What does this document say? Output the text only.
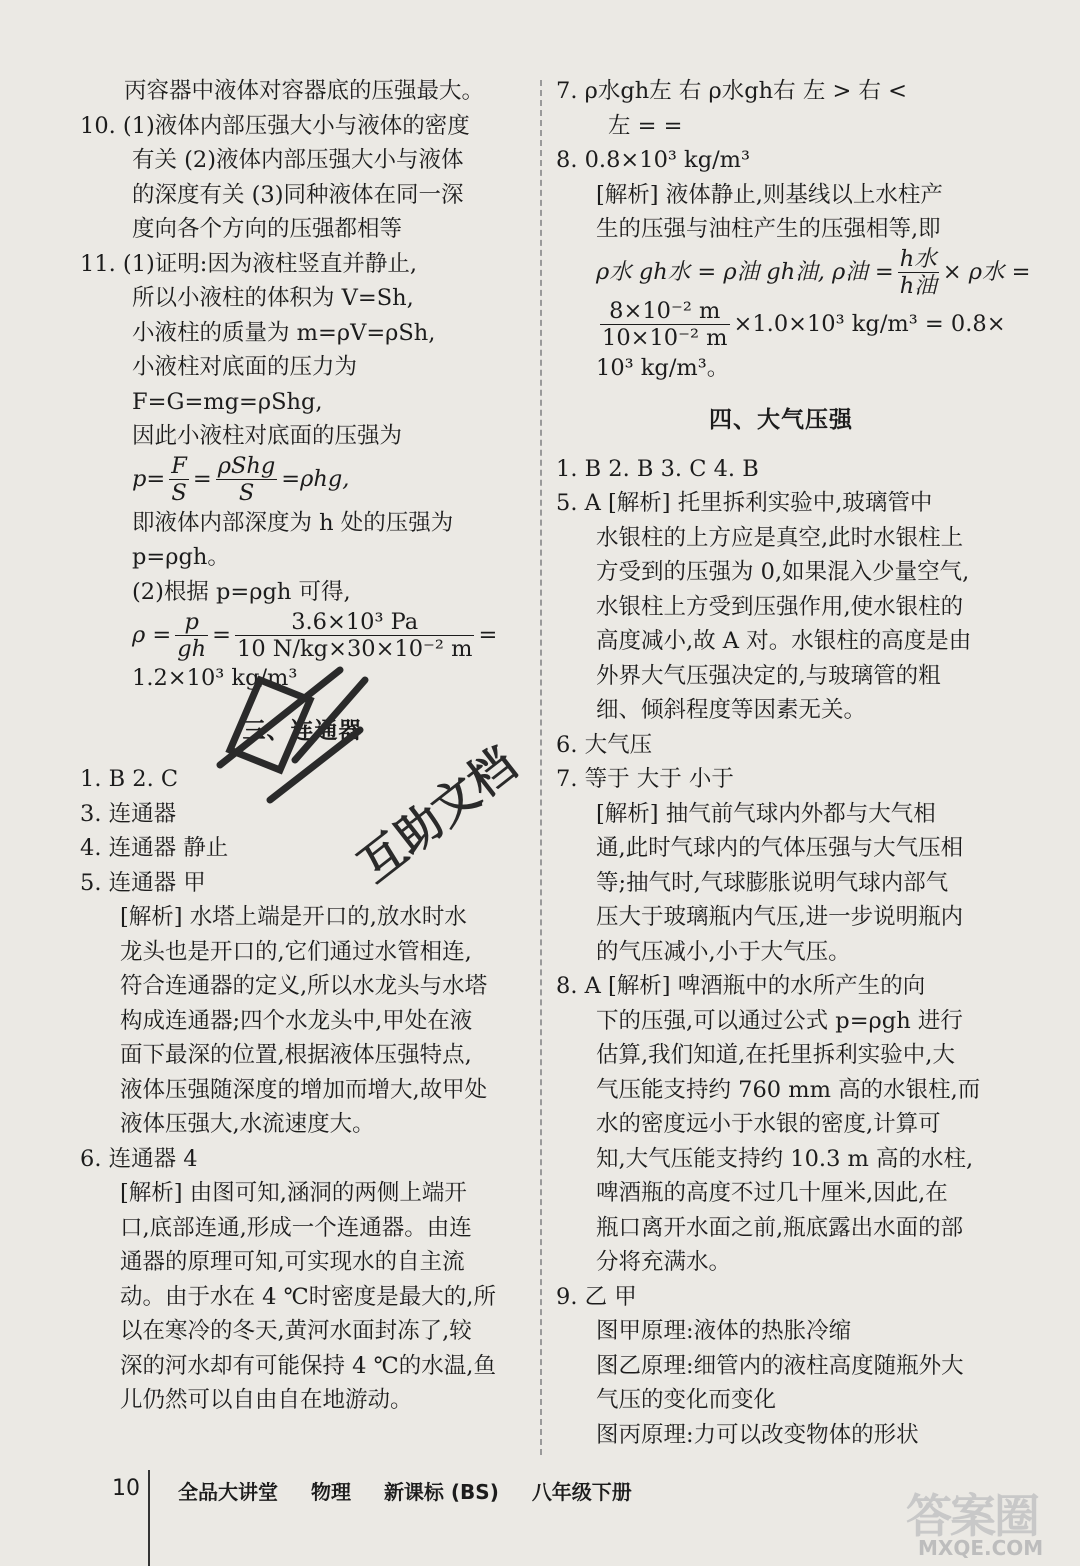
丙容器中液体对容器底的压强最大。
10. (1)液体内部压强大小与液体的密度
有关 (2)液体内部压强大小与液体
的深度有关 (3)同种液体在同一深
度向各个方向的压强都相等
11. (1)证明:因为液柱竖直并静止,
所以小液柱的体积为 V=Sh,
小液柱的质量为 m=ρV=ρSh,
小液柱对底面的压力为
F=G=mg=ρShg,
因此小液柱对底面的压强为
$p= \frac{F}{S} = \frac{\text{ρShg}}{S} =\rho hg$,
即液体内部深度为 h 处的压强为
p=ρgh。
(2)根据 p=ρgh 可得,
$\rho = \frac{p}{gh} = \frac{\text{3.6×10³ Pa}}{\text{10 N/kg×30×10⁻² m}}$ =
1.2×10³ kg/m³
三、连通器
1. B 2. C
3. 连通器
4. 连通器 静止
5. 连通器 甲
[解析] 水塔上端是开口的,放水时水
龙头也是开口的,它们通过水管相连,
符合连通器的定义,所以水龙头与水塔
构成连通器;四个水龙头中,甲处在液
面下最深的位置,根据液体压强特点,
液体压强随深度的增加而增大,故甲处
液体压强大,水流速度大。
6. 连通器 4
[解析] 由图可知,涵洞的两侧上端开
口,底部连通,形成一个连通器。由连
通器的原理可知,可实现水的自主流
动。由于水在 4 ℃时密度是最大的,所
以在寒冷的冬天,黄河水面封冻了,较
深的河水却有可能保持 4 ℃的水温,鱼
儿仍然可以自由自在地游动。
7. ρ水gh左 右 ρ水gh右 左 > 右 <
左 = =
8. 0.8×10³ kg/m³
[解析] 液体静止,则基线以上水柱产
生的压强与油柱产生的压强相等,即
ρ水 gh水 = ρ油 gh油, ρ油 = $\frac{\text{h水}}{\text{h油}} \times \rho$水 =
$\frac{\text{8×10⁻² m}}{\text{10×10⁻² m}} \times 1.0\times 10^3$ kg/m³ = 0.8×
10³ kg/m³。
四、大气压强
1. B 2. B 3. C 4. B
5. A [解析] 托里拆利实验中,玻璃管中
水银柱的上方应是真空,此时水银柱上
方受到的压强为 0,如果混入少量空气,
水银柱上方受到压强作用,使水银柱的
高度减小,故 A 对。水银柱的高度是由
外界大气压强决定的,与玻璃管的粗
细、倾斜程度等因素无关。
6. 大气压
7. 等于 大于 小于
[解析] 抽气前气球内外都与大气相
通,此时气球内的气体压强与大气压相
等;抽气时,气球膨胀说明气球内部气
压大于玻璃瓶内气压,进一步说明瓶内
的气压减小,小于大气压。
8. A [解析] 啤酒瓶中的水所产生的向
下的压强,可以通过公式 p=ρgh 进行
估算,我们知道,在托里拆利实验中,大
气压能支持约 760 mm 高的水银柱,而
水的密度远小于水银的密度,计算可
知,大气压能支持约 10.3 m 高的水柱,
啤酒瓶的高度不过几十厘米,因此,在
瓶口离开水面之前,瓶底露出水面的部
分将充满水。
9. 乙 甲
图甲原理:液体的热胀冷缩
图乙原理:细管内的液柱高度随瓶外大
气压的变化而变化
图丙原理:力可以改变物体的形状
互助文档
10 全品大讲堂 物理 新课标 (BS) 八年级下册	答案圈
MXQE.COM
